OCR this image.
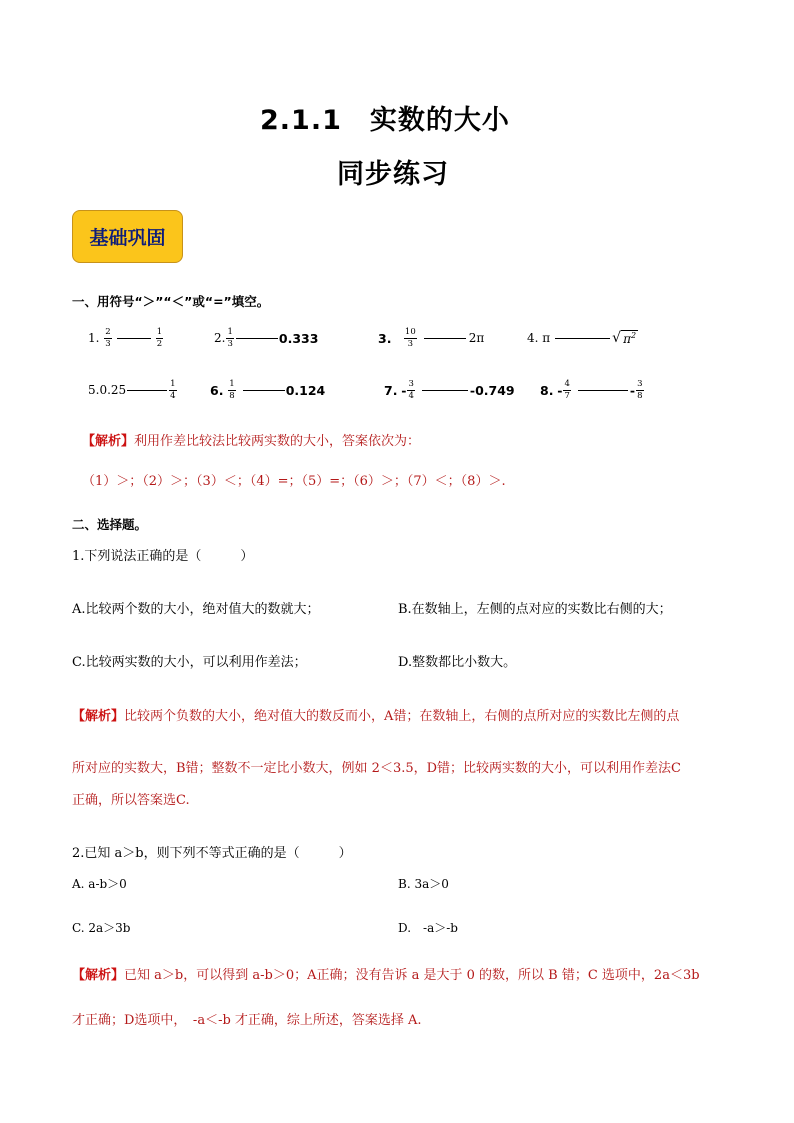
2.1.1　实数的大小
同步练习
基础巩固
一、用符号“＞”“＜”或“=”填空。
1.
$\frac{2}{3}$	$\frac{1}{2}$	2. $\frac{1}{3}$	0.333	3.
$\frac{10}{3}$	2π	4.
π	√ $\pi^2$
5. 0.25	$\frac{1}{4}$	6.
$\frac{1}{8}$	0.124	7.
- $\frac{3}{4}$	-0.749 8.
- $\frac{4}{7}$	- $\frac{3}{8}$
【解析】利用作差比较法比较两实数的大小，答案依次为：
（1）＞；（2）＞；（3）＜；（4）=；（5）=；（6）＞；（7）＜；（8）＞.
二、选择题。
1.下列说法正确的是（　　　）
A.比较两个数的大小，绝对值大的数就大；	B.在数轴上，左侧的点对应的实数比右侧的大；
C.比较两实数的大小，可以利用作差法；	D.整数都比小数大。
【解析】比较两个负数的大小，绝对值大的数反而小，A错；在数轴上，右侧的点所对应的实数比左侧的点
所对应的实数大，B错；整数不一定比小数大，例如 2＜3.5，D错；比较两实数的大小，可以利用作差法C
正确，所以答案选C.
2.已知 a＞b，则下列不等式正确的是（　　　）
A. a-b＞0	B. 3a＞0
C. 2a＞3b	D.　-a＞-b
【解析】已知 a＞b，可以得到 a-b＞0；A正确；没有告诉 a 是大于 0 的数，所以 B 错；C 选项中，2a＜3b
才正确；D选项中，　-a＜-b 才正确，综上所述，答案选择 A.
